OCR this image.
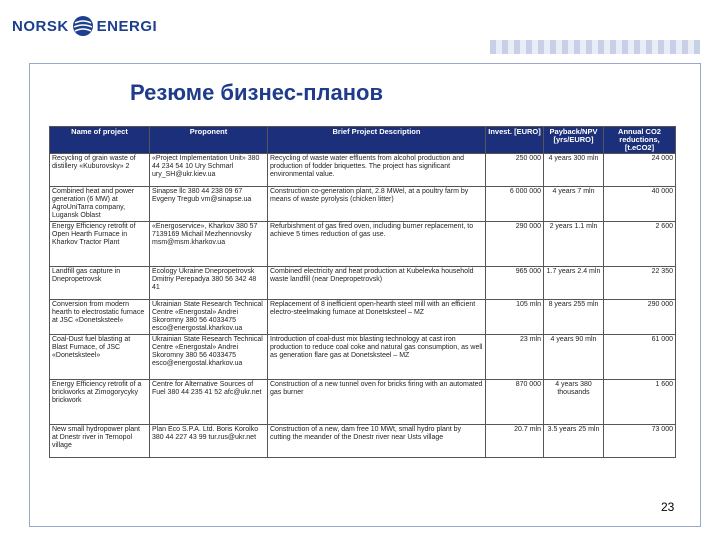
NORSK ENERGI
Резюме бизнес-планов
Name of project	Proponent	Brief Project Description	Invest. [EURO]	Payback/NPV [yrs/EURO]	Annual CO2 reductions, [t.eCO2]
Recycling of grain waste of distillery «Kuburovsky» 2	«Project Implementation Unit» 380 44 234 54 10 Ury Schmarl ury_SH@ukr.kiev.ua	Recycling of waste water effluents from alcohol production and production of fodder briquettes. The project has significant environmental value.	250 000	4 years 300 mln	24 000
Combined heat and power generation (6 MW) at AgroUniTarra company, Lugansk Oblast	Sinapse llc 380 44 238 09 67 Evgeny Tregub vm@sinapse.ua	Construction co-generation plant, 2.8 MWel, at a poultry farm by means of waste pyrolysis (chicken litter)	6 000 000	4 years 7 mln	40 000
Energy Efficiency retrofit of Open Hearth Furnace in Kharkov Tractor Plant	«Energoservice», Kharkov 380 57 7139169 Michail Mezhennovsky msm@msm.kharkov.ua	Refurbishment of gas fired oven, including burner replacement, to achieve 5 times reduction of gas use.	290 000	2 years 1.1 mln	2 600
Landfill gas capture in Dnepropetrovsk	Ecology Ukraine Dnepropetrovsk Dmitriy Perepadya 380 56 342 48 41	Combined electricity and heat production at Kubelevka household waste landfill (near Dnepropetrovsk)	965 000	1.7 years 2.4 mln	22 350
Conversion from modern hearth to electrostatic furnace at JSC «Donetsksteel»	Ukrainian State Research Technical Centre «Energostal» Andrei Skoromny 380 56 4033475 esco@energostal.kharkov.ua	Replacement of 8 inefficient open-hearth steel mill with an efficient electro-steelmaking furnace at Donetsksteel – MZ	105 mln	8 years 255 mln	290 000
Coal-Dust fuel blasting at Blast Furnace, of JSC «Donetsksteel»	Ukrainian State Research Technical Centre «Energostal» Andrei Skoromny 380 56 4033475 esco@energostal.kharkov.ua	Introduction of coal-dust mix blasting technology at cast iron production to reduce coal coke and natural gas consumption, as well as generation flare gas at Donetsksteel – MZ	23 mln	4 years 90 mln	61 000
Energy Efficiency retrofit of a brickworks at Zimogorycyky brickwork	Centre for Alternative Sources of Fuel 380 44 235 41 52 afc@ukr.net	Construction of a new tunnel oven for bricks firing with an automated gas burner	870 000	4 years 380 thousands	1 600
New small hydropower plant at Dnestr river in Ternopol village	Plan Eco S.P.A. Ltd. Boris Korolko 380 44 227 43 99 tur.rus@ukr.net	Construction of a new, dam free 10 MWt, small hydro plant by cutting the meander of the Dnestr river near Usts village	20.7 mln	3.5 years 25 mln	73 000
23
